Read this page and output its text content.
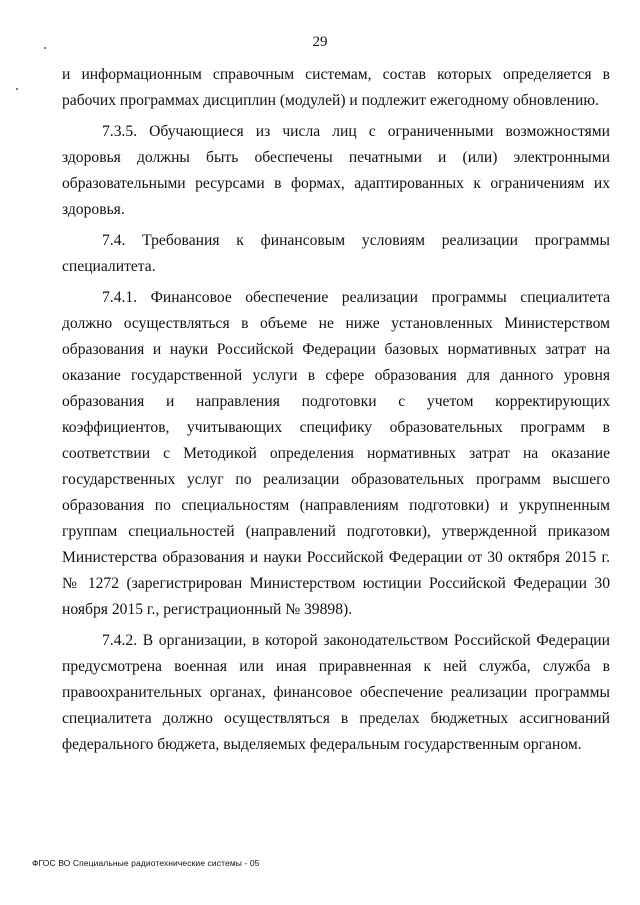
29

и информационным справочным системам, состав которых определяется в рабочих программах дисциплин (модулей) и подлежит ежегодному обновлению.

7.3.5. Обучающиеся из числа лиц с ограниченными возможностями здоровья должны быть обеспечены печатными и (или) электронными образовательными ресурсами в формах, адаптированных к ограничениям их здоровья.

7.4. Требования к финансовым условиям реализации программы специалитета.

7.4.1. Финансовое обеспечение реализации программы специалитета должно осуществляться в объеме не ниже установленных Министерством образования и науки Российской Федерации базовых нормативных затрат на оказание государственной услуги в сфере образования для данного уровня образования и направления подготовки с учетом корректирующих коэффициентов, учитывающих специфику образовательных программ в соответствии с Методикой определения нормативных затрат на оказание государственных услуг по реализации образовательных программ высшего образования по специальностям (направлениям подготовки) и укрупненным группам специальностей (направлений подготовки), утвержденной приказом Министерства образования и науки Российской Федерации от 30 октября 2015 г. № 1272 (зарегистрирован Министерством юстиции Российской Федерации 30 ноября 2015 г., регистрационный № 39898).

7.4.2. В организации, в которой законодательством Российской Федерации предусмотрена военная или иная приравненная к ней служба, служба в правоохранительных органах, финансовое обеспечение реализации программы специалитета должно осуществляться в пределах бюджетных ассигнований федерального бюджета, выделяемых федеральным государственным органом.

ФГОС ВО Специальные радиотехнические системы - 05
